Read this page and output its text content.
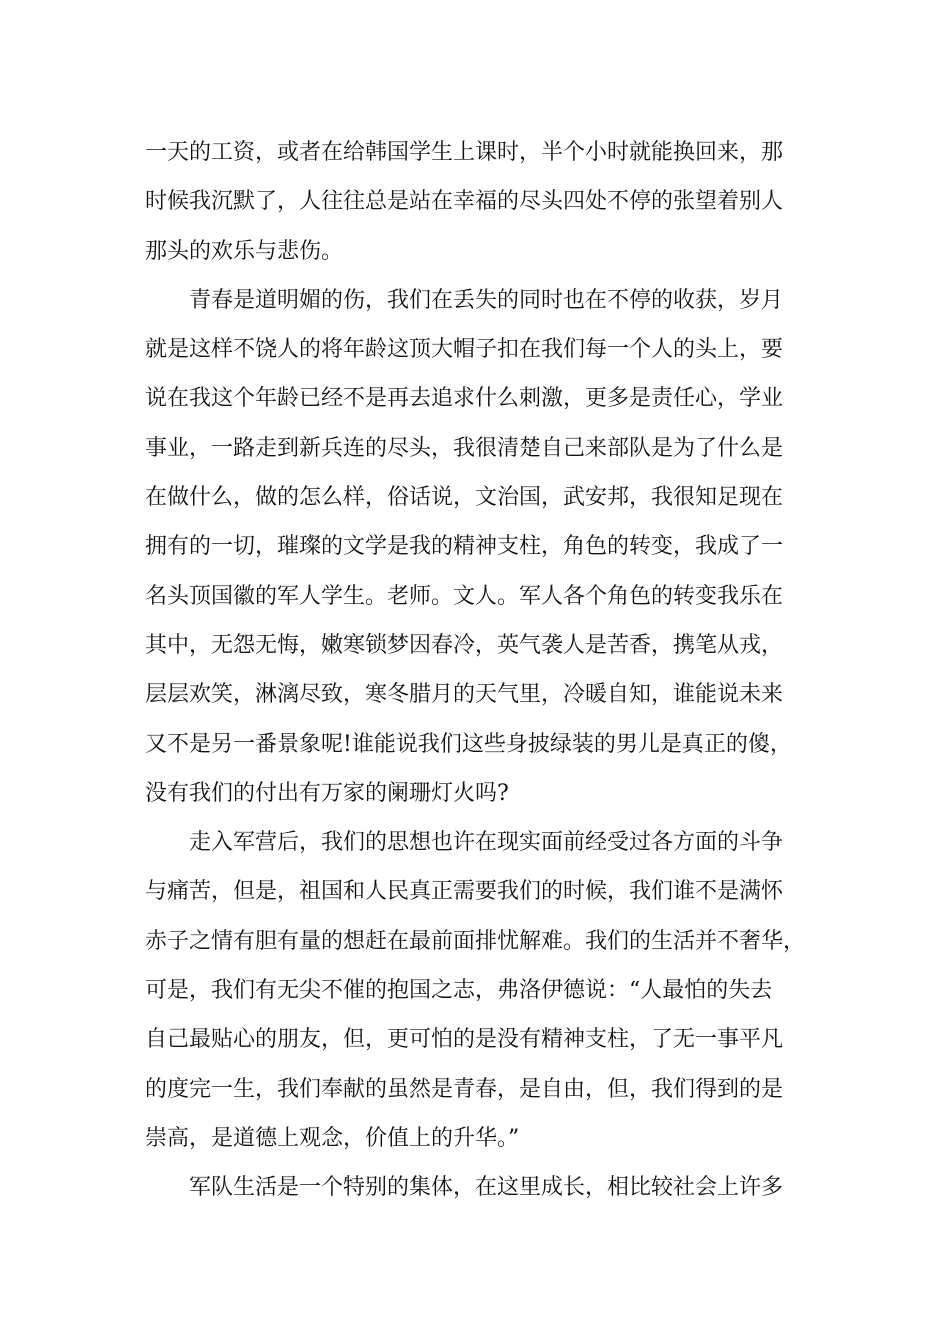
一天的工资，或者在给韩国学生上课时，半个小时就能换回来，那
时候我沉默了，人往往总是站在幸福的尽头四处不停的张望着别人
那头的欢乐与悲伤。
青春是道明媚的伤，我们在丢失的同时也在不停的收获，岁月
就是这样不饶人的将年龄这顶大帽子扣在我们每一个人的头上，要
说在我这个年龄已经不是再去追求什么刺激，更多是责任心，学业
事业，一路走到新兵连的尽头，我很清楚自己来部队是为了什么是
在做什么，做的怎么样，俗话说，文治国，武安邦，我很知足现在
拥有的一切，璀璨的文学是我的精神支柱，角色的转变，我成了一
名头顶国徽的军人学生。老师。文人。军人各个角色的转变我乐在
其中，无怨无悔，嫩寒锁梦因春冷，英气袭人是苦香，携笔从戎，
层层欢笑，淋漓尽致，寒冬腊月的天气里，冷暖自知，谁能说未来
又不是另一番景象呢!谁能说我们这些身披绿装的男儿是真正的傻，
没有我们的付出有万家的阑珊灯火吗?
走入军营后，我们的思想也许在现实面前经受过各方面的斗争
与痛苦，但是，祖国和人民真正需要我们的时候，我们谁不是满怀
赤子之情有胆有量的想赶在最前面排忧解难。我们的生活并不奢华，
可是，我们有无尖不催的抱国之志，弗洛伊德说：“人最怕的失去
自己最贴心的朋友，但，更可怕的是没有精神支柱，了无一事平凡
的度完一生，我们奉献的虽然是青春，是自由，但，我们得到的是
崇高，是道德上观念，价值上的升华。”
军队生活是一个特别的集体，在这里成长，相比较社会上许多
